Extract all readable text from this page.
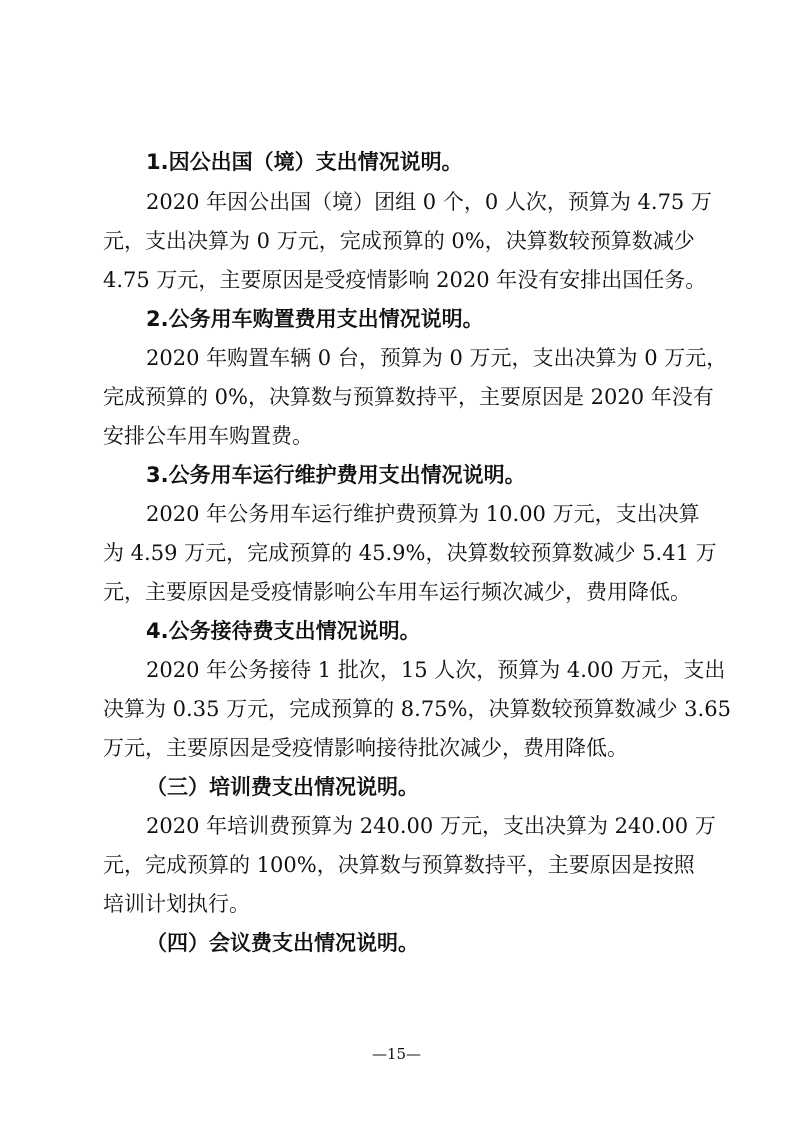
1.因公出国（境）支出情况说明。
2020 年因公出国（境）团组 0 个，0 人次，预算为 4.75 万
元，支出决算为 0 万元，完成预算的 0%，决算数较预算数减少
4.75 万元，主要原因是受疫情影响 2020 年没有安排出国任务。
2.公务用车购置费用支出情况说明。
2020 年购置车辆 0 台，预算为 0 万元，支出决算为 0 万元，
完成预算的 0%，决算数与预算数持平，主要原因是 2020 年没有
安排公车用车购置费。
3.公务用车运行维护费用支出情况说明。
2020 年公务用车运行维护费预算为 10.00 万元，支出决算
为 4.59 万元，完成预算的 45.9%，决算数较预算数减少 5.41 万
元，主要原因是受疫情影响公车用车运行频次减少，费用降低。
4.公务接待费支出情况说明。
2020 年公务接待 1 批次，15 人次，预算为 4.00 万元，支出
决算为 0.35 万元，完成预算的 8.75%，决算数较预算数减少 3.65
万元，主要原因是受疫情影响接待批次减少，费用降低。
（三）培训费支出情况说明。
2020 年培训费预算为 240.00 万元，支出决算为 240.00 万
元，完成预算的 100%，决算数与预算数持平，主要原因是按照
培训计划执行。
（四）会议费支出情况说明。
—15—
